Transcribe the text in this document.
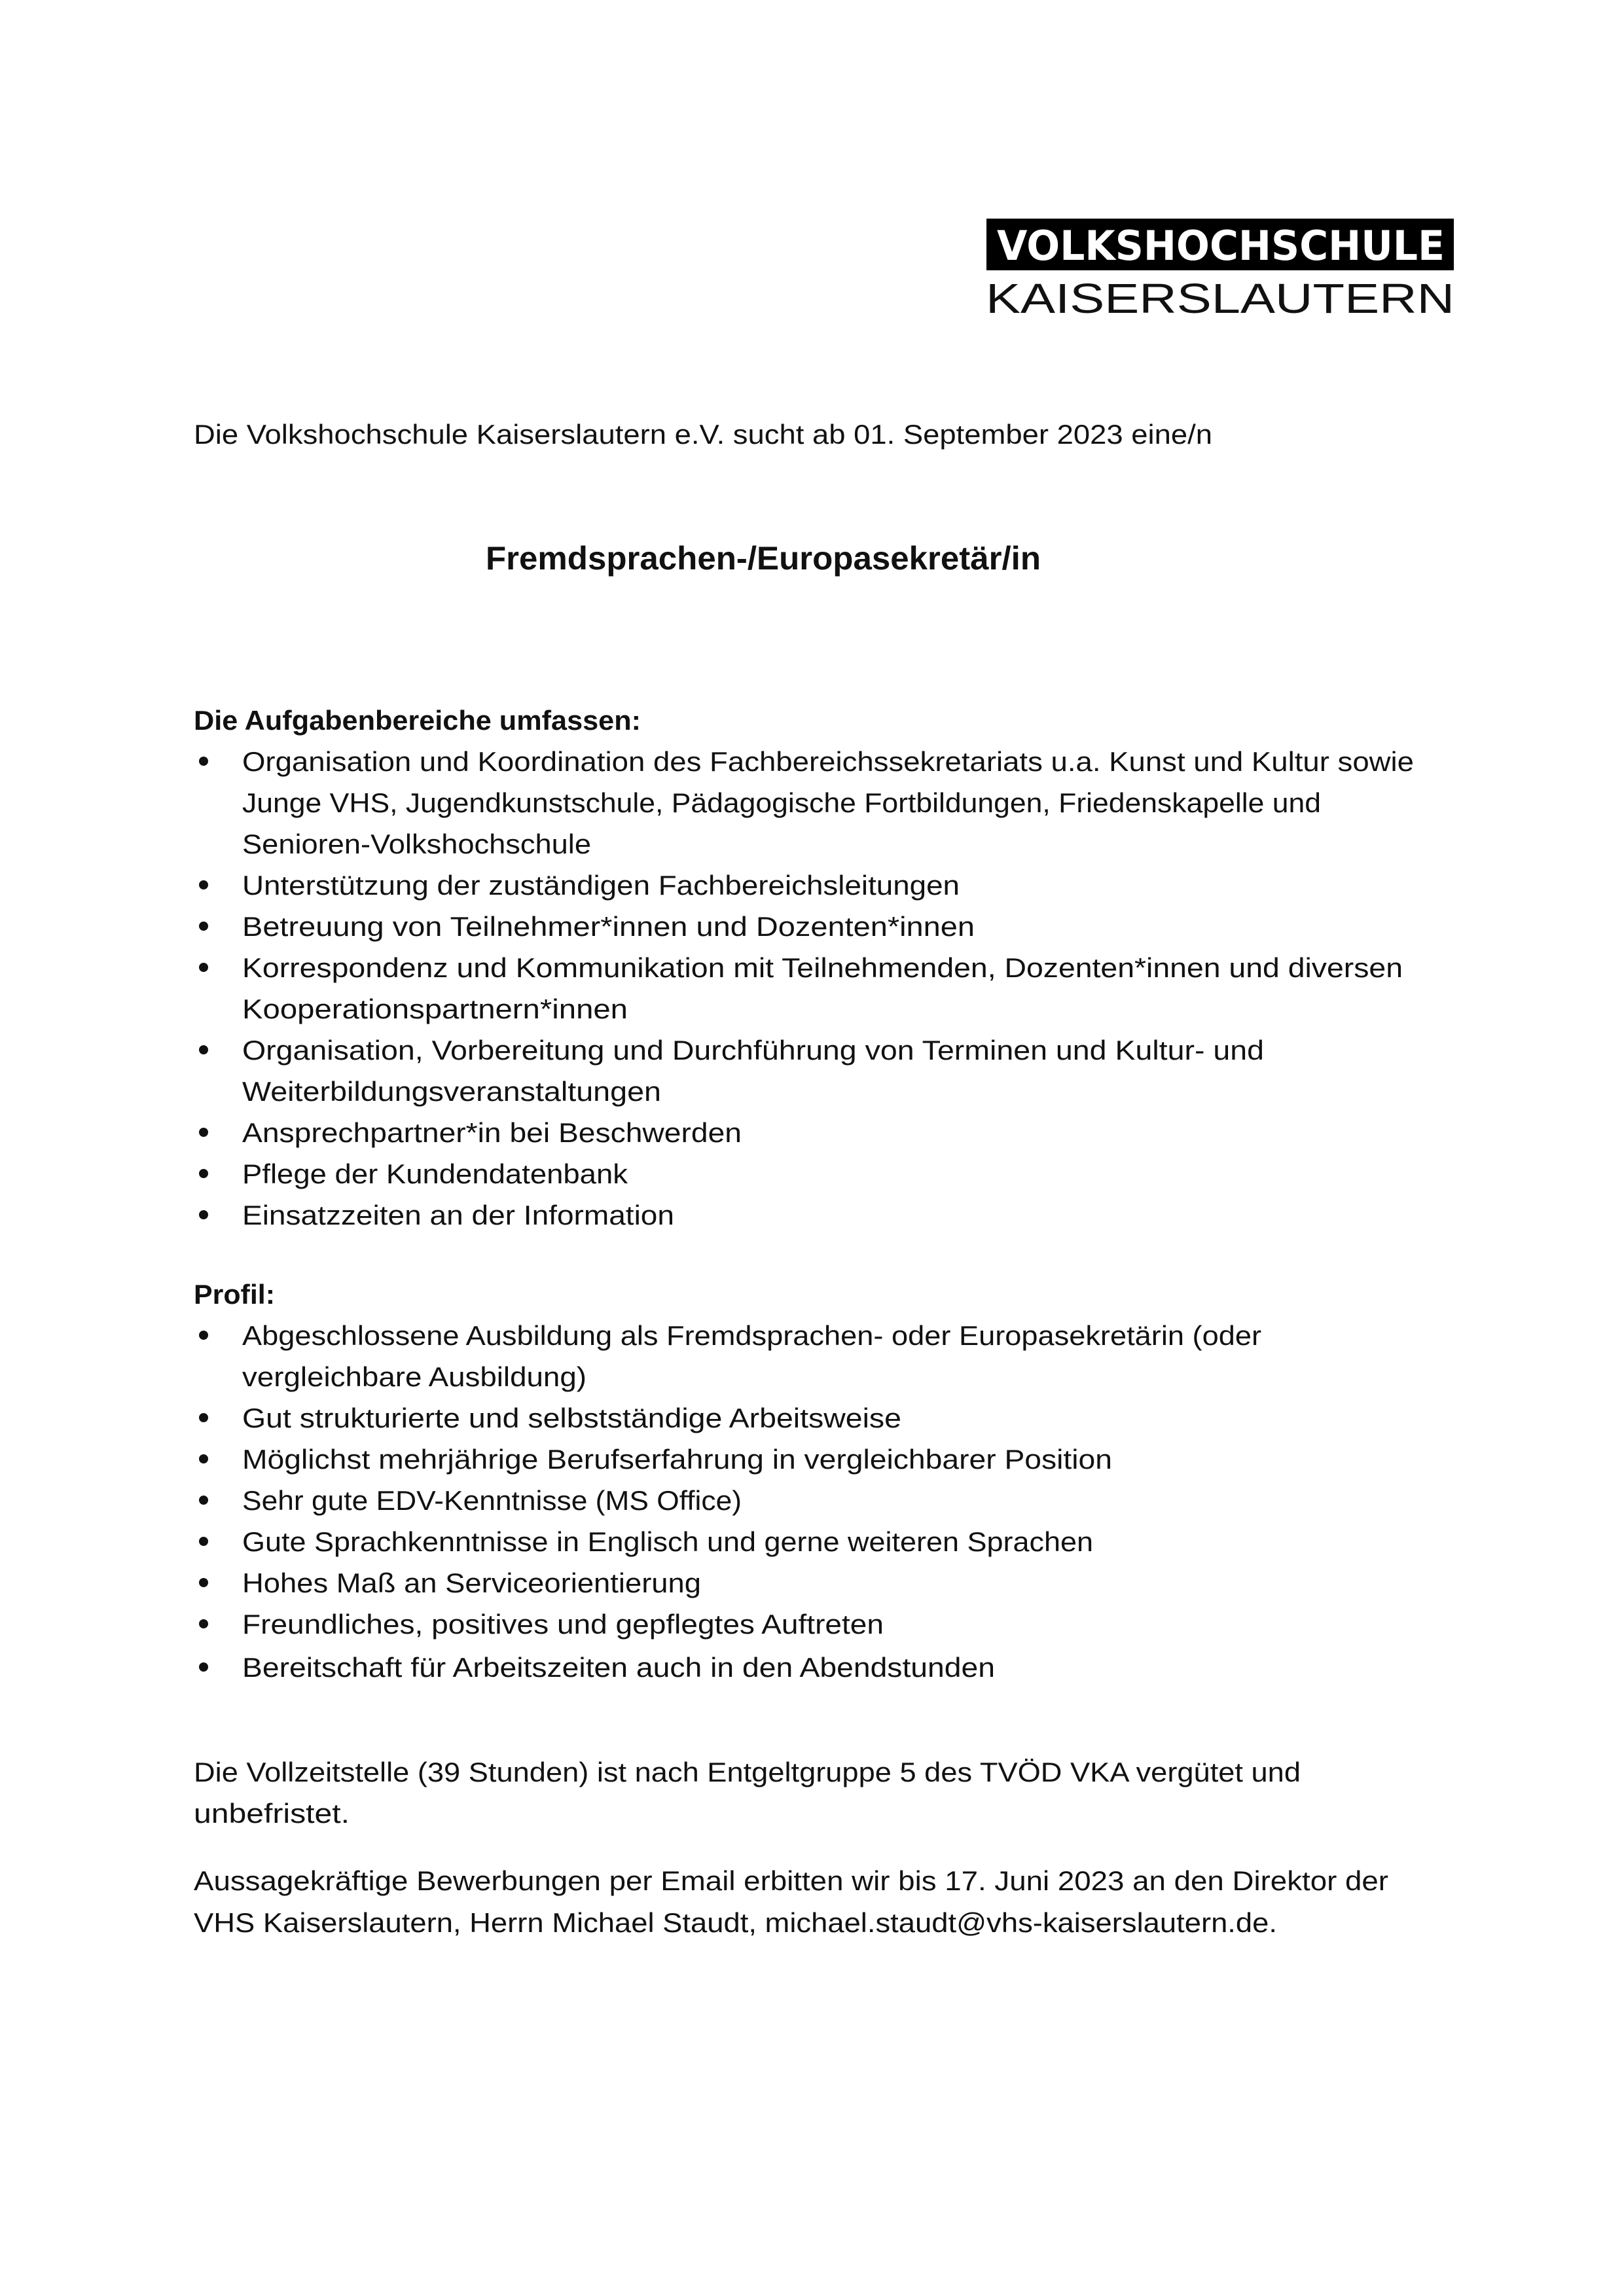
VOLKSHOCHSCHULE
KAISERSLAUTERN
Die Volkshochschule Kaiserslautern e.V. sucht ab 01. September 2023 eine/n
Fremdsprachen-/Europasekretär/in
Die Aufgabenbereiche umfassen:
Organisation und Koordination des Fachbereichssekretariats u.a. Kunst und Kultur sowie
Junge VHS, Jugendkunstschule, Pädagogische Fortbildungen, Friedenskapelle und
Senioren-Volkshochschule
Unterstützung der zuständigen Fachbereichsleitungen
Betreuung von Teilnehmer*innen und Dozenten*innen
Korrespondenz und Kommunikation mit Teilnehmenden, Dozenten*innen und diversen
Kooperationspartnern*innen
Organisation, Vorbereitung und Durchführung von Terminen und Kultur- und
Weiterbildungsveranstaltungen
Ansprechpartner*in bei Beschwerden
Pflege der Kundendatenbank
Einsatzzeiten an der Information
Profil:
Abgeschlossene Ausbildung als Fremdsprachen- oder Europasekretärin (oder
vergleichbare Ausbildung)
Gut strukturierte und selbstständige Arbeitsweise
Möglichst mehrjährige Berufserfahrung in vergleichbarer Position
Sehr gute EDV-Kenntnisse (MS Office)
Gute Sprachkenntnisse in Englisch und gerne weiteren Sprachen
Hohes Maß an Serviceorientierung
Freundliches, positives und gepflegtes Auftreten
Bereitschaft für Arbeitszeiten auch in den Abendstunden
Die Vollzeitstelle (39 Stunden) ist nach Entgeltgruppe 5 des TVÖD VKA vergütet und
unbefristet.
Aussagekräftige Bewerbungen per Email erbitten wir bis 17. Juni 2023 an den Direktor der
VHS Kaiserslautern, Herrn Michael Staudt, michael.staudt@vhs-kaiserslautern.de.
